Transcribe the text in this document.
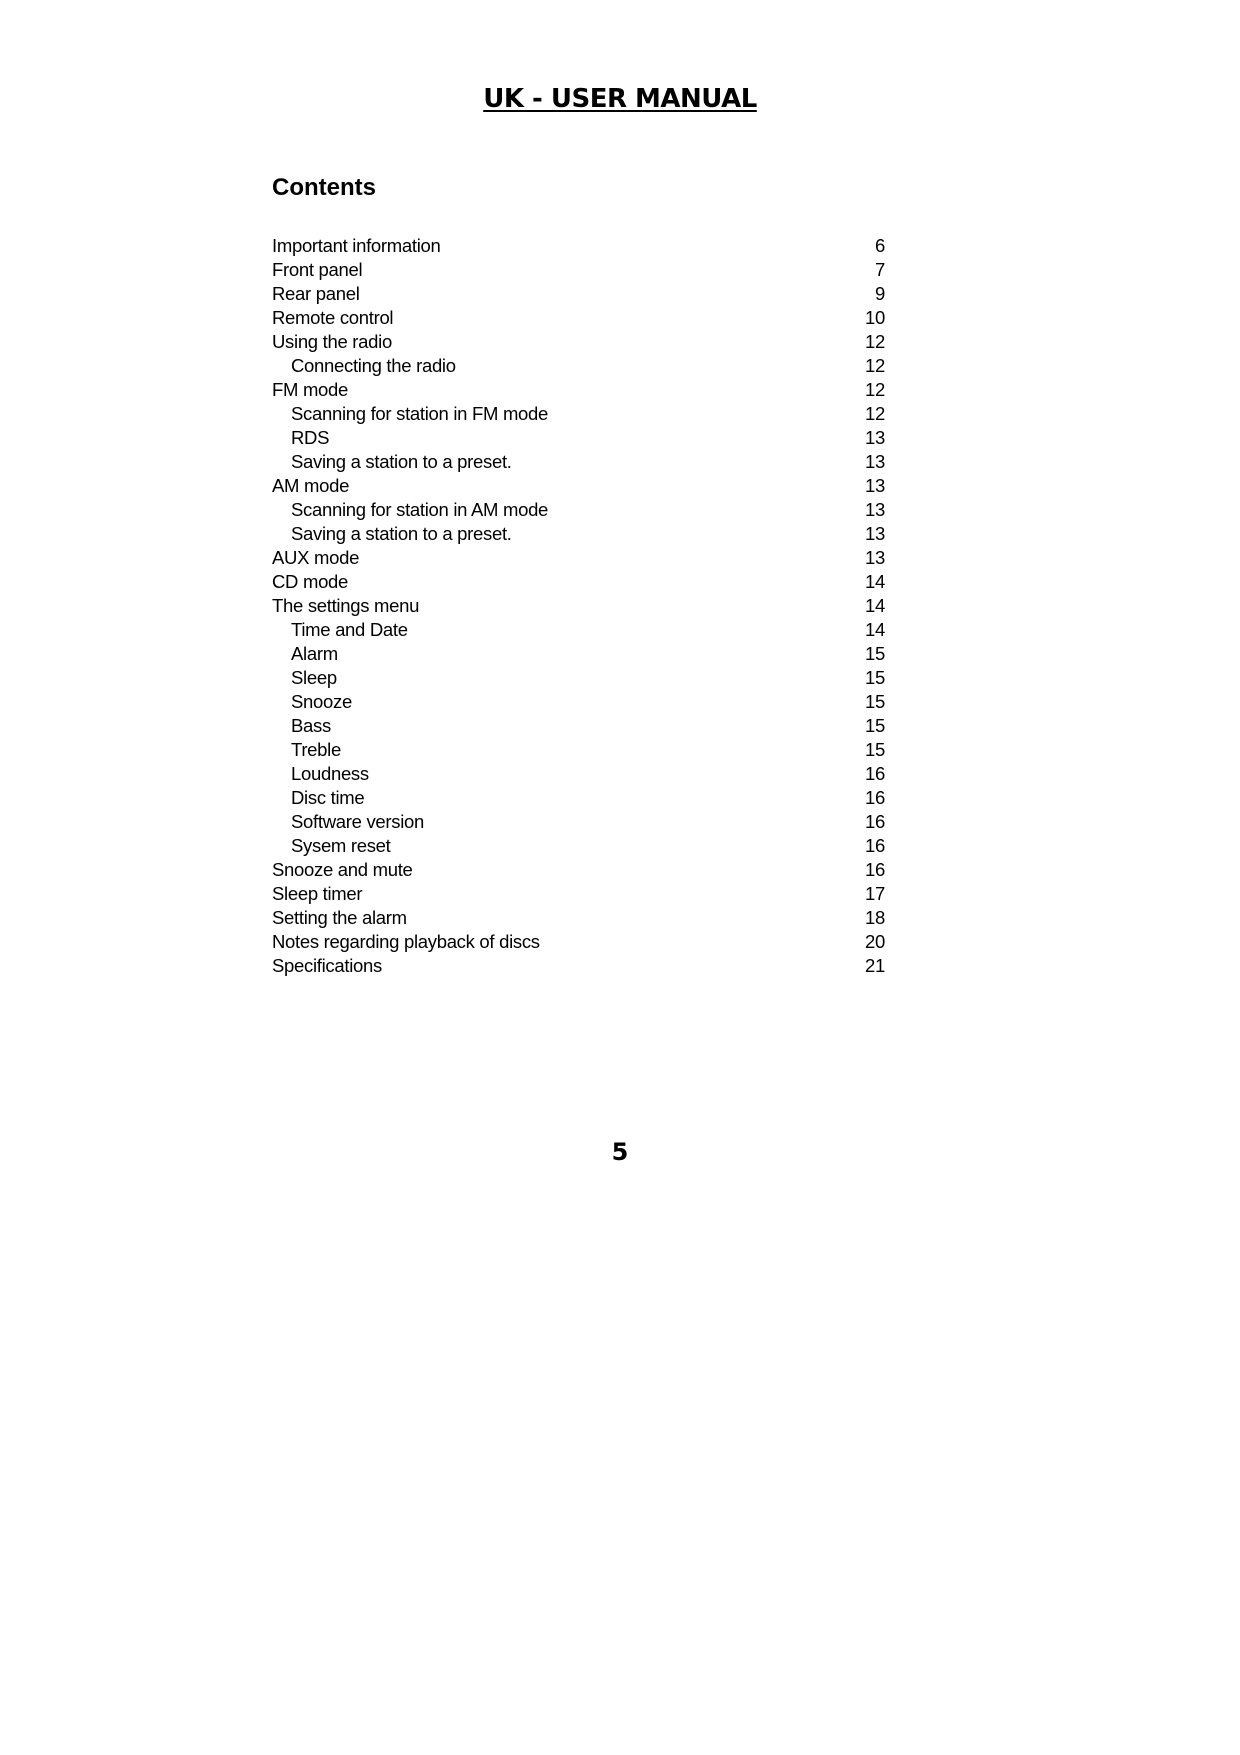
UK - USER MANUAL
Contents
Important information	6
Front panel	7
Rear panel	9
Remote control	10
Using the radio	12
Connecting the radio	12
FM mode	12
Scanning for station in FM mode	12
RDS	13
Saving a station to a preset.	13
AM mode	13
Scanning for station in AM mode	13
Saving a station to a preset.	13
AUX mode	13
CD mode	14
The settings menu	14
Time and Date	14
Alarm	15
Sleep	15
Snooze	15
Bass	15
Treble	15
Loudness	16
Disc time	16
Software version	16
Sysem reset	16
Snooze and mute	16
Sleep timer	17
Setting the alarm	18
Notes regarding playback of discs	20
Specifications	21
5
